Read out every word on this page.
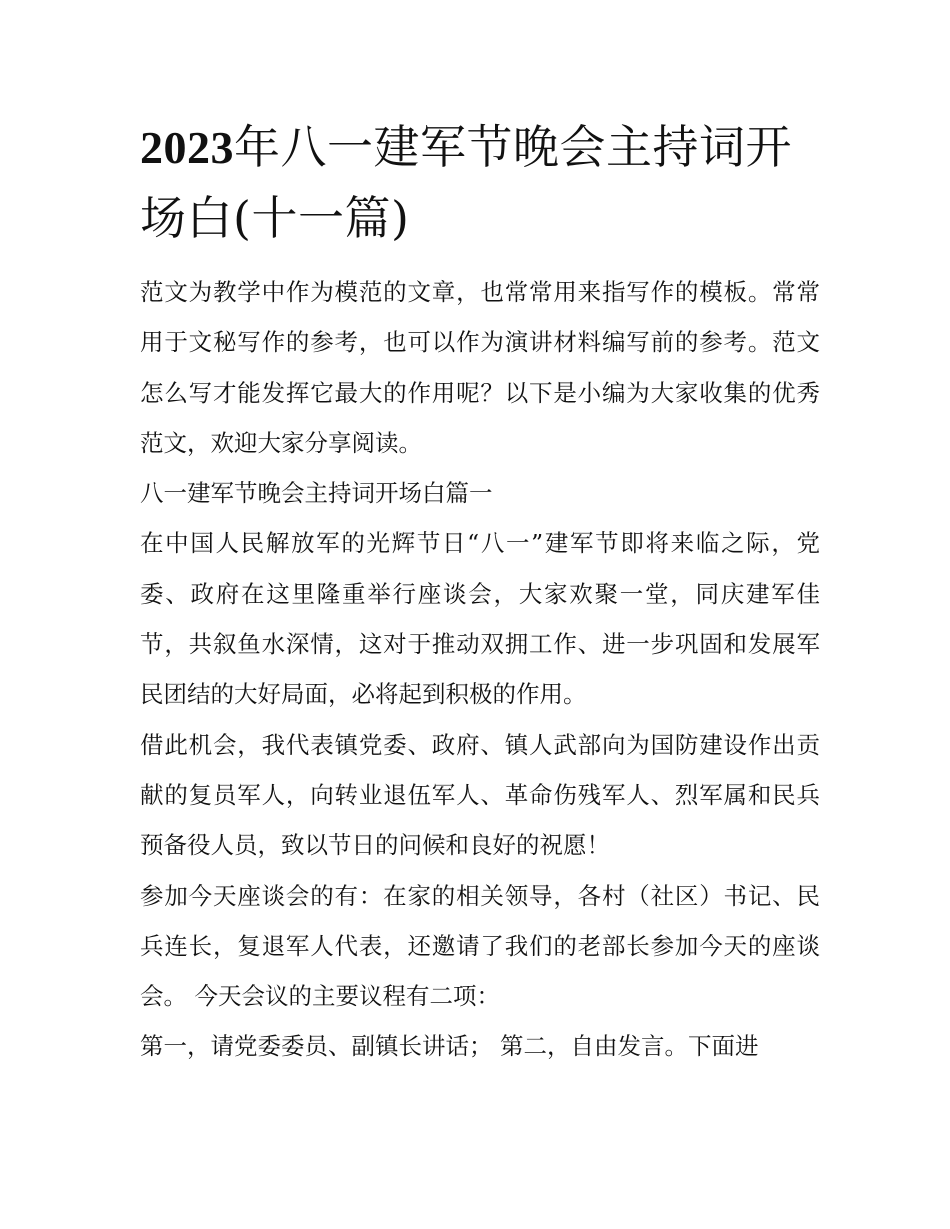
2023年八一建军节晚会主持词开场白(十一篇)

范文为教学中作为模范的文章，也常常用来指写作的模板。常常用于文秘写作的参考，也可以作为演讲材料编写前的参考。范文怎么写才能发挥它最大的作用呢？以下是小编为大家收集的优秀范文，欢迎大家分享阅读。

八一建军节晚会主持词开场白篇一

在中国人民解放军的光辉节日“八一”建军节即将来临之际，党委、政府在这里隆重举行座谈会，大家欢聚一堂，同庆建军佳节，共叙鱼水深情，这对于推动双拥工作、进一步巩固和发展军民团结的大好局面，必将起到积极的作用。

借此机会，我代表镇党委、政府、镇人武部向为国防建设作出贡献的复员军人，向转业退伍军人、革命伤残军人、烈军属和民兵预备役人员，致以节日的问候和良好的祝愿！

参加今天座谈会的有：在家的相关领导，各村（社区）书记、民兵连长，复退军人代表，还邀请了我们的老部长参加今天的座谈会。 今天会议的主要议程有二项：

第一，请党委委员、副镇长讲话； 第二，自由发言。下面进
